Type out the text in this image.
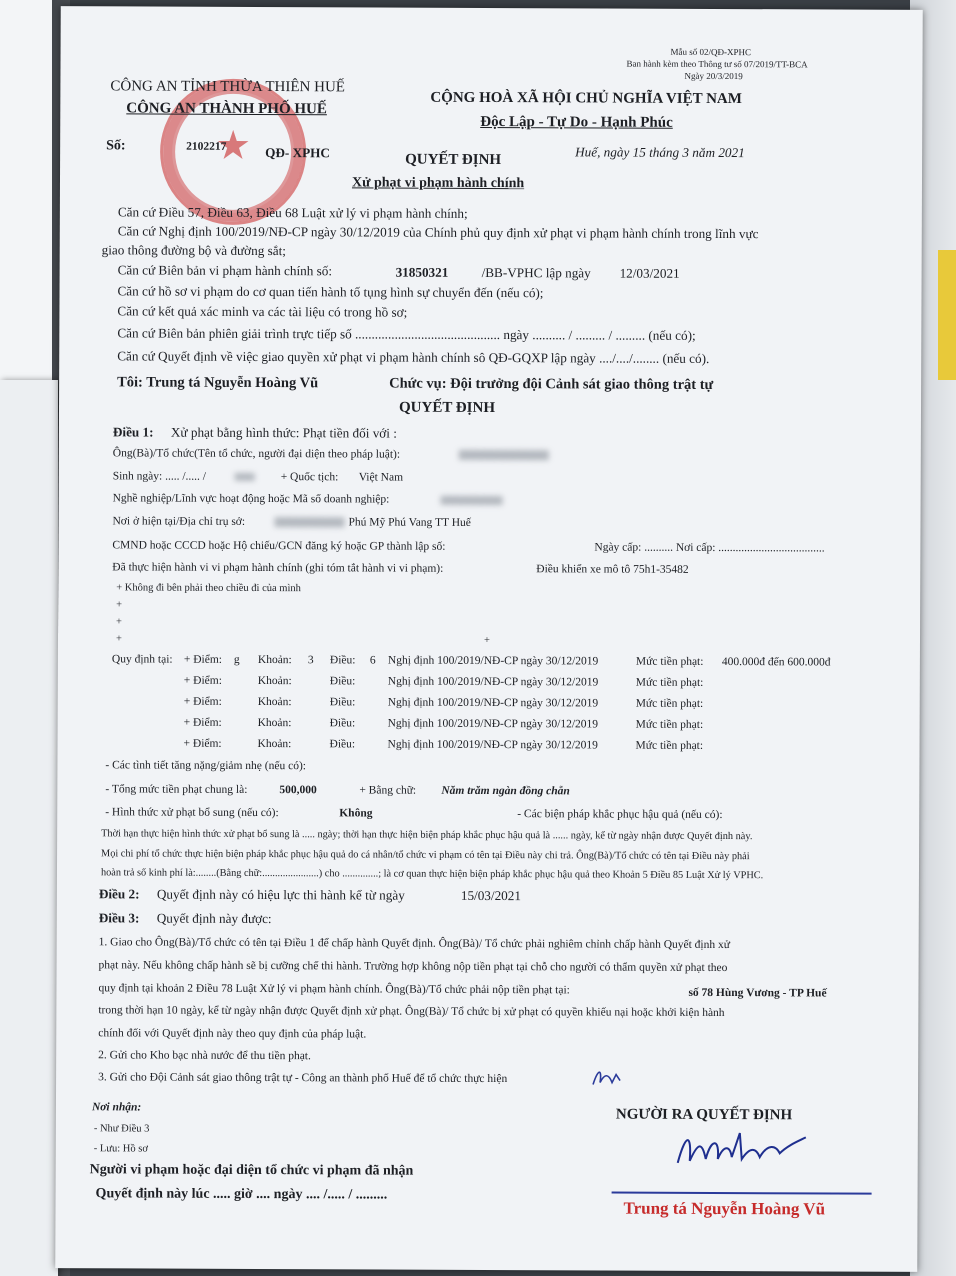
Mẫu số 02/QĐ-XPHC
Ban hành kèm theo Thông tư số 07/2019/TT-BCA
Ngày 20/3/2019
★
CÔNG AN TỈNH THỪA THIÊN HUẾ
CÔNG AN THÀNH PHỐ HUẾ
Số:	2102217	QĐ- XPHC
CỘNG HOÀ XÃ HỘI CHỦ NGHĨA VIỆT NAM
Độc Lập - Tự Do - Hạnh Phúc
Huế, ngày 15 tháng 3 năm 2021
QUYẾT ĐỊNH
Xử phạt vi phạm hành chính
Căn cứ Điều 57, Điều 63, Điều 68 Luật xử lý vi phạm hành chính;
Căn cứ Nghị định 100/2019/NĐ-CP ngày 30/12/2019 của Chính phủ quy định xử phạt vi phạm hành chính trong lĩnh vực
giao thông đường bộ và đường sắt;
Căn cứ Biên bản vi phạm hành chính số:	31850321	/BB-VPHC lập ngày 12/03/2021
Căn cứ hồ sơ vi phạm do cơ quan tiến hành tố tụng hình sự chuyển đến (nếu có);
Căn cứ kết quả xác minh va các tài liệu có trong hồ sơ;
Căn cứ Biên bản phiên giải trình trực tiếp số ............................................ ngày .......... / ......... / ......... (nếu có);
Căn cứ Quyết định về việc giao quyền xử phạt vi phạm hành chính sô QĐ-GQXP lập ngày ..../..../........ (nếu có).
Tôi: Trung tá Nguyễn Hoàng Vũ	Chức vụ: Đội trưởng đội Cảnh sát giao thông trật tự
QUYẾT ĐỊNH
Điều 1: Xử phạt bằng hình thức: Phạt tiền đối với :
Ông(Bà)/Tổ chức(Tên tổ chức, người đại diện theo pháp luật):
Sinh ngày: ..... /..... /	+ Quốc tịch: Việt Nam
Nghề nghiệp/Lĩnh vực hoạt động hoặc Mã số doanh nghiệp:
Nơi ở hiện tại/Địa chỉ trụ sở:	Phú Mỹ Phú Vang TT Huế
CMND hoặc CCCD hoặc Hộ chiếu/GCN đăng ký hoặc GP thành lập số:	Ngày cấp: .......... Nơi cấp: .....................................
Đã thực hiện hành vi vi phạm hành chính (ghi tóm tắt hành vi vi phạm):	Điều khiển xe mô tô 75h1-35482
+ Không đi bên phải theo chiều đi của mình
+
+
+	+
Quy định tại: + Điểm: g Khoản: 3 Điều: 6 Nghị định 100/2019/NĐ-CP ngày 30/12/2019	Mức tiền phạt: 400.000đ đến 600.000đ
+ Điểm:	Khoản:	Điều:	Nghị định 100/2019/NĐ-CP ngày 30/12/2019	Mức tiền phạt:
+ Điểm:	Khoản:	Điều:	Nghị định 100/2019/NĐ-CP ngày 30/12/2019	Mức tiền phạt:
+ Điểm:	Khoản:	Điều:	Nghị định 100/2019/NĐ-CP ngày 30/12/2019	Mức tiền phạt:
+ Điểm:	Khoản:	Điều:	Nghị định 100/2019/NĐ-CP ngày 30/12/2019	Mức tiền phạt:
- Các tình tiết tăng nặng/giảm nhẹ (nếu có):
- Tổng mức tiền phạt chung là:	500,000	+ Bằng chữ: Năm trăm ngàn đồng chẵn
- Hình thức xử phạt bổ sung (nếu có):	Không	- Các biện pháp khắc phục hậu quả (nếu có):
Thời hạn thực hiện hình thức xử phạt bổ sung là ..... ngày; thời hạn thực hiện biện pháp khắc phục hậu quả là ...... ngày, kể từ ngày nhận được Quyết định này.
Mọi chi phí tổ chức thực hiện biện pháp khắc phục hậu quả do cá nhân/tổ chức vi phạm có tên tại Điều này chi trả. Ông(Bà)/Tổ chức có tên tại Điều này phải
hoàn trả số kinh phí là:........(Bằng chữ:......................) cho ..............; là cơ quan thực hiện biện pháp khắc phục hậu quả theo Khoản 5 Điều 85 Luật Xử lý VPHC.
Điều 2: Quyết định này có hiệu lực thi hành kể từ ngày	15/03/2021
Điều 3: Quyết định này được:
1. Giao cho Ông(Bà)/Tổ chức có tên tại Điều 1 để chấp hành Quyết định. Ông(Bà)/ Tổ chức phải nghiêm chỉnh chấp hành Quyết định xử
phạt này. Nếu không chấp hành sẽ bị cưỡng chế thi hành. Trường hợp không nộp tiền phạt tại chỗ cho người có thẩm quyền xử phạt theo
quy định tại khoản 2 Điều 78 Luật Xử lý vi phạm hành chính. Ông(Bà)/Tổ chức phải nộp tiền phạt tại:	số 78 Hùng Vương - TP Huế
trong thời hạn 10 ngày, kể từ ngày nhận được Quyết định xử phạt. Ông(Bà)/ Tổ chức bị xử phạt có quyền khiếu nại hoặc khởi kiện hành
chính đối với Quyết định này theo quy định của pháp luật.
2. Gửi cho Kho bạc nhà nước để thu tiền phạt.
3. Gửi cho Đội Cảnh sát giao thông trật tự - Công an thành phố Huế để tổ chức thực hiện
Nơi nhận:
- Như Điều 3
- Lưu: Hồ sơ
Người vi phạm hoặc đại diện tổ chức vi phạm đã nhận
Quyết định này lúc ..... giờ .... ngày .... /..... / .........
NGƯỜI RA QUYẾT ĐỊNH
Trung tá Nguyễn Hoàng Vũ
